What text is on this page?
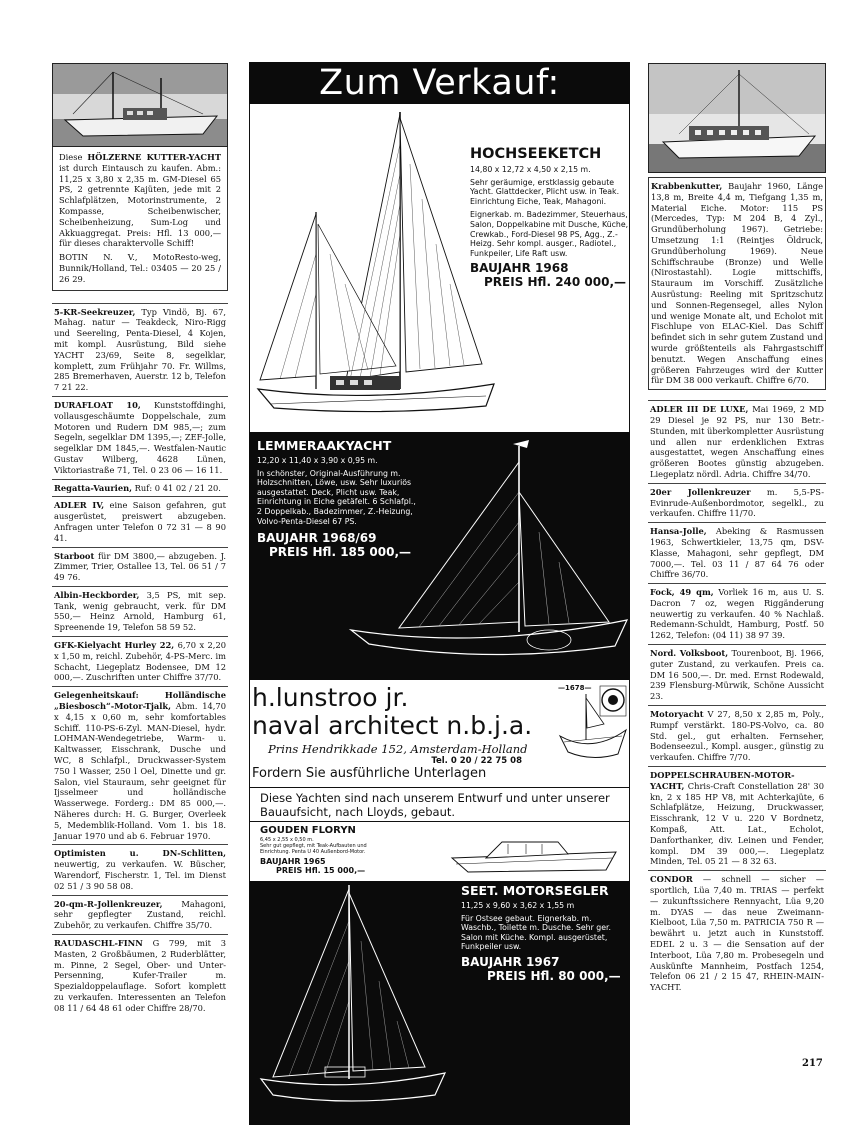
Diese HÖLZERNE KUTTER-YACHT ist durch Eintausch zu kaufen. Abm.: 11,25 x 3,80 x 2,35 m. GM-Diesel 65 PS, 2 getrennte Kajüten, jede mit 2 Schlafplätzen, Motorinstrumente, 2 Kompasse, Scheibenwischer, Scheibenheizung, Sum-Log und Akkuaggregat. Preis: Hfl. 13 000,— für dieses charaktervolle Schiff!
BOTIN N. V., MotoResto-weg, Bunnik/Holland, Tel.: 03405 — 20 25 / 26 29.
5-KR-Seekreuzer, Typ Vindö, Bj. 67, Mahag. natur — Teakdeck, Niro-Rigg und Seereling, Penta-Diesel, 4 Kojen, mit kompl. Ausrüstung, Bild siehe YACHT 23/69, Seite 8, segelklar, komplett, zum Frühjahr 70. Fr. Willms, 285 Bremerhaven, Auerstr. 12 b, Telefon 7 21 22.
DURAFLOAT 10, Kunststoffdinghi, vollausgeschäumte Doppelschale, zum Motoren und Rudern DM 985,—; zum Segeln, segelklar DM 1395,—; ZEF-Jolle, segelklar DM 1845,—. Westfalen-Nautic Gustav Wilberg, 4628 Lünen, Viktoriastraße 71, Tel. 0 23 06 — 16 11.
Regatta-Vaurien, Ruf: 0 41 02 / 21 20.
ADLER IV, eine Saison gefahren, gut ausgerüstet, preiswert abzugeben. Anfragen unter Telefon 0 72 31 — 8 90 41.
Starboot für DM 3800,— abzugeben. J. Zimmer, Trier, Ostallee 13, Tel. 06 51 / 7 49 76.
Albin-Heckborder, 3,5 PS, mit sep. Tank, wenig gebraucht, verk. für DM 550,— Heinz Arnold, Hamburg 61, Spreenende 19, Telefon 58 59 52.
GFK-Kielyacht Hurley 22, 6,70 x 2,20 x 1,50 m, reichl. Zubehör, 4-PS-Merc. im Schacht, Liegeplatz Bodensee, DM 12 000,—. Zuschriften unter Chiffre 37/70.
Gelegenheitskauf: Holländische „Biesbosch“-Motor-Tjalk, Abm. 14,70 x 4,15 x 0,60 m, sehr komfortables Schiff. 110-PS-6-Zyl. MAN-Diesel, hydr. LOHMAN-Wendegetriebe, Warm- u. Kaltwasser, Eisschrank, Dusche und WC, 8 Schlafpl., Druckwasser-System 750 l Wasser, 250 l Oel, Dinette und gr. Salon, viel Stauraum, sehr geeignet für Ijsselmeer und holländische Wasserwege. Forderg.: DM 85 000,—. Näheres durch: H. G. Burger, Overleek 5, Medemblik-Holland. Vom 1. bis 18. Januar 1970 und ab 6. Februar 1970.
Optimisten u. DN-Schlitten, neuwertig, zu verkaufen. W. Büscher, Warendorf, Fischerstr. 1, Tel. im Dienst 02 51 / 3 90 58 08.
20-qm-R-Jollenkreuzer, Mahagoni, sehr gepflegter Zustand, reichl. Zubehör, zu verkaufen. Chiffre 35/70.
RAUDASCHL-FINN G 799, mit 3 Masten, 2 Großbäumen, 2 Ruderblätter, m. Pinne, 2 Segel, Ober- und Unter-Persenning, Kufer-Trailer m. Spezialdoppelauflage. Sofort komplett zu verkaufen. Interessenten an Telefon 08 11 / 64 48 61 oder Chiffre 28/70.
Zum Verkauf:
HOCHSEEKETCH
14,80 x 12,72 x 4,50 x 2,15 m.
Sehr geräumige, erstklassig gebaute Yacht. Glattdecker, Plicht usw. in Teak. Einrichtung Eiche, Teak, Mahagoni.
Eignerkab. m. Badezimmer, Steuerhaus, Salon, Doppelkabine mit Dusche, Küche, Crewkab., Ford-Diesel 98 PS, Agg., Z.-Heizg. Sehr kompl. ausger., Radiotel., Funkpeiler, Life Raft usw.
BAUJAHR 1968
PREIS Hfl. 240 000,—
LEMMERAAKYACHT
12,20 x 11,40 x 3,90 x 0,95 m.
In schönster, Original-Ausführung m. Holzschnitten, Löwe, usw. Sehr luxuriös ausgestattet. Deck, Plicht usw. Teak, Einrichtung in Eiche getäfelt. 6 Schlafpl., 2 Doppelkab., Badezimmer, Z.-Heizung, Volvo-Penta-Diesel 67 PS.
BAUJAHR 1968/69
PREIS Hfl. 185 000,—
h.lunstroo jr.
naval architect n.b.j.a.
Prins Hendrikkade 152, Amsterdam-Holland
Tel. 0 20 / 22 75 08
Fordern Sie ausführliche Unterlagen
—1678—
Diese Yachten sind nach unserem Entwurf und unter unserer Bauaufsicht, nach Lloyds, gebaut.
GOUDEN FLORYN
6,45 x 2,55 x 0,50 m.
Sehr gut gepflegt, mit Teak-Aufbauten und Einrichtung. Penta U 40 Außenbord-Motor.
BAUJAHR 1965
PREIS Hfl. 15 000,—
SEET. MOTORSEGLER
11,25 x 9,60 x 3,62 x 1,55 m
Für Ostsee gebaut. Eignerkab. m. Waschb., Toilette m. Dusche. Sehr ger. Salon mit Küche. Kompl. ausgerüstet, Funkpeiler usw.
BAUJAHR 1967
PREIS Hfl. 80 000,—
Krabbenkutter, Baujahr 1960, Länge 13,8 m, Breite 4,4 m, Tiefgang 1,35 m, Material Eiche. Motor: 115 PS (Mercedes, Typ: M 204 B, 4 Zyl., Grundüberholung 1967). Getriebe: Umsetzung 1:1 (Reintjes Öldruck, Grundüberholung 1969). Neue Schiffschraube (Bronze) und Welle (Nirostastahl). Logie mittschiffs, Stauraum im Vorschiff. Zusätzliche Ausrüstung: Reeling mit Spritzschutz und Sonnen-Regensegel, alles Nylon und wenige Monate alt, und Echolot mit Fischlupe von ELAC-Kiel. Das Schiff befindet sich in sehr gutem Zustand und wurde größtenteils als Fahrgastschiff benutzt. Wegen Anschaffung eines größeren Fahrzeuges wird der Kutter für DM 38 000 verkauft. Chiffre 6/70.
ADLER III DE LUXE, Mai 1969, 2 MD 29 Diesel je 92 PS, nur 130 Betr.-Stunden, mit überkompletter Ausrüstung und allen nur erdenklichen Extras ausgestattet, wegen Anschaffung eines größeren Bootes günstig abzugeben. Liegeplatz nördl. Adria. Chiffre 34/70.
20er Jollenkreuzer m. 5,5-PS-Evinrude-Außenbordmotor, segelkl., zu verkaufen. Chiffre 11/70.
Hansa-Jolle, Abeking & Rasmussen 1963, Schwertkieler, 13,75 qm, DSV-Klasse, Mahagoni, sehr gepflegt, DM 7000,—. Tel. 03 11 / 87 64 76 oder Chiffre 36/70.
Fock, 49 qm, Vorliek 16 m, aus U. S. Dacron 7 oz, wegen Riggänderung neuwertig zu verkaufen. 40 % Nachlaß. Redemann-Schuldt, Hamburg, Postf. 50 1262, Telefon: (04 11) 38 97 39.
Nord. Volksboot, Tourenboot, Bj. 1966, guter Zustand, zu verkaufen. Preis ca. DM 16 500,—. Dr. med. Ernst Rodewald, 239 Flensburg-Mürwik, Schöne Aussicht 23.
Motoryacht V 27, 8,50 x 2,85 m, Poly., Rumpf verstärkt. 180-PS-Volvo, ca. 80 Std. gel., gut erhalten. Fernseher, Bodenseezul., Kompl. ausger., günstig zu verkaufen. Chiffre 7/70.
DOPPELSCHRAUBEN-MOTOR-YACHT, Chris-Craft Constellation 28' 30 kn, 2 x 185 HP V8, mit Achterkajüte, 6 Schlafplätze, Heizung, Druckwasser, Eisschrank, 12 V u. 220 V Bordnetz, Kompaß, Att. Lat., Echolot, Danforthanker, div. Leinen und Fender, kompl. DM 39 000,—. Liegeplatz Minden, Tel. 05 21 — 8 32 63.
CONDOR — schnell — sicher — sportlich, Lüa 7,40 m. TRIAS — perfekt — zukunftssichere Rennyacht, Lüa 9,20 m. DYAS — das neue Zweimann-Kielboot, Lüa 7,50 m. PATRICIA 750 R — bewährt u. jetzt auch in Kunststoff. EDEL 2 u. 3 — die Sensation auf der Interboot, Lüa 7,80 m. Probesegeln und Auskünfte Mannheim, Postfach 1254, Telefon 06 21 / 2 15 47, RHEIN-MAIN-YACHT.
217
